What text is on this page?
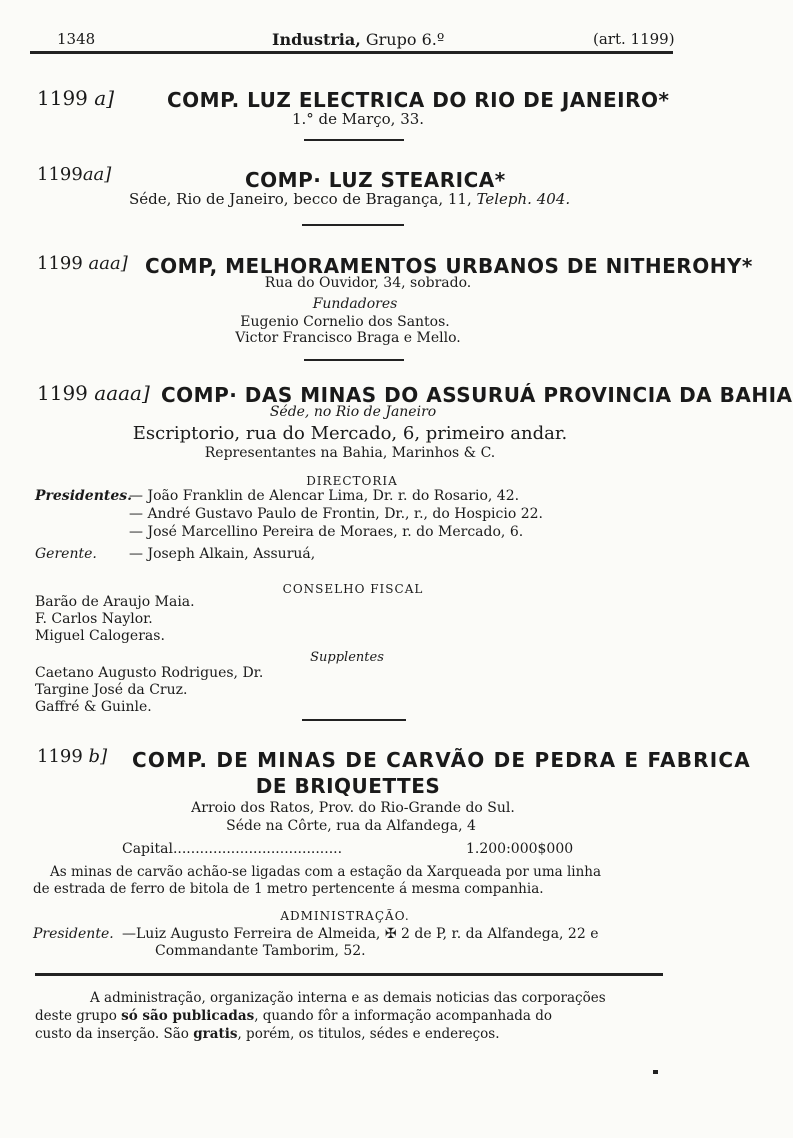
1348	Industria, Grupo 6.º	(art. 1199)
1199 a]	COMP. LUZ ELECTRICA DO RIO DE JANEIRO*
1.° de Março, 33.
1199aa]	COMP· LUZ STEARICA*
Séde, Rio de Janeiro, becco de Bragança, 11, Teleph. 404.
1199 aaa] COMP, MELHORAMENTOS URBANOS DE NITHEROHY*
Rua do Ouvidor, 34, sobrado.
Fundadores
Eugenio Cornelio dos Santos.
Victor Francisco Braga e Mello.
1199 aaaa] COMP· DAS MINAS DO ASSURUÁ PROVINCIA DA BAHIA
Séde, no Rio de Janeiro
Escriptorio, rua do Mercado, 6, primeiro andar.
Representantes na Bahia, Marinhos & C.
DIRECTORIA
Presidentes.
— João Franklin de Alencar Lima, Dr. r. do Rosario, 42.
— André Gustavo Paulo de Frontin, Dr., r., do Hospicio 22.
— José Marcellino Pereira de Moraes, r. do Mercado, 6.
Gerente. — Joseph Alkain, Assuruá,
CONSELHO FISCAL
Barão de Araujo Maia.
F. Carlos Naylor.
Miguel Calogeras.
Supplentes
Caetano Augusto Rodrigues, Dr.
Targine José da Cruz.
Gaffré & Guinle.
1199 b] COMP. DE MINAS DE CARVÃO DE PEDRA E FABRICA
DE BRIQUETTES
Arroio dos Ratos, Prov. do Rio-Grande do Sul.
Séde na Côrte, rua da Alfandega, 4
Capital......................................	1.200:000$000
As minas de carvão achão-se ligadas com a estação da Xarqueada por uma linha
de estrada de ferro de bitola de 1 metro pertencente á mesma companhia.
ADMINISTRAÇÃO.
Presidente. —Luiz Augusto Ferreira de Almeida, ✠ 2 de P, r. da Alfandega, 22 e
Commandante Tamborim, 52.
A administração, organização interna e as demais noticias das corporações
deste grupo só são publicadas, quando fôr a informação acompanhada do
custo da inserção. São gratis, porém, os titulos, sédes e endereços.
